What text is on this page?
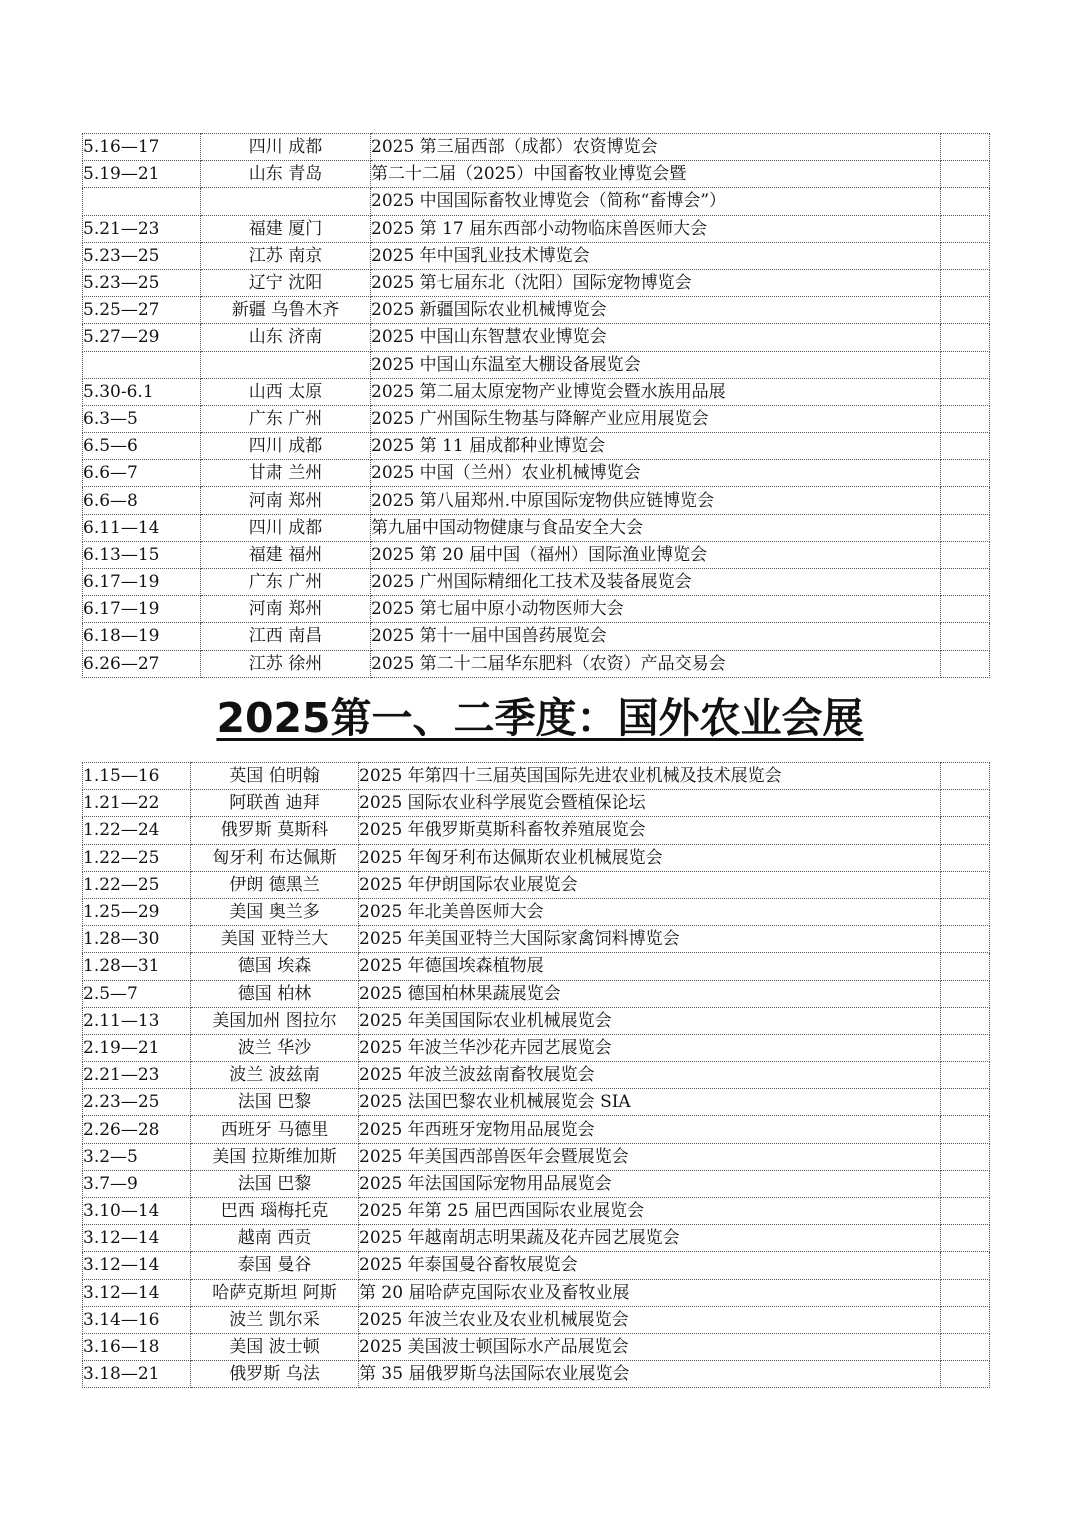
5.16—17	四川 成都	2025 第三届西部（成都）农资博览会	
5.19—21	山东 青岛	第二十二届（2025）中国畜牧业博览会暨	
		2025 中国国际畜牧业博览会（简称“畜博会”）	
5.21—23	福建 厦门	2025 第 17 届东西部小动物临床兽医师大会	
5.23—25	江苏 南京	2025 年中国乳业技术博览会	
5.23—25	辽宁 沈阳	2025 第七届东北（沈阳）国际宠物博览会	
5.25—27	新疆 乌鲁木齐	2025 新疆国际农业机械博览会	
5.27—29	山东 济南	2025 中国山东智慧农业博览会	
		2025 中国山东温室大棚设备展览会	
5.30-6.1	山西 太原	2025 第二届太原宠物产业博览会暨水族用品展	
6.3—5	广东 广州	2025 广州国际生物基与降解产业应用展览会	
6.5—6	四川 成都	2025 第 11 届成都种业博览会	
6.6—7	甘肃 兰州	2025 中国（兰州）农业机械博览会	
6.6—8	河南 郑州	2025 第八届郑州.中原国际宠物供应链博览会	
6.11—14	四川 成都	第九届中国动物健康与食品安全大会	
6.13—15	福建 福州	2025 第 20 届中国（福州）国际渔业博览会	
6.17—19	广东 广州	2025 广州国际精细化工技术及装备展览会	
6.17—19	河南 郑州	2025 第七届中原小动物医师大会	
6.18—19	江西 南昌	2025 第十一届中国兽药展览会	
6.26—27	江苏 徐州	2025 第二十二届华东肥料（农资）产品交易会	
2025第一、二季度：国外农业会展
1.15—16	英国 伯明翰	2025 年第四十三届英国国际先进农业机械及技术展览会	
1.21—22	阿联酋 迪拜	2025 国际农业科学展览会暨植保论坛	
1.22—24	俄罗斯 莫斯科	2025 年俄罗斯莫斯科畜牧养殖展览会	
1.22—25	匈牙利 布达佩斯	2025 年匈牙利布达佩斯农业机械展览会	
1.22—25	伊朗 德黑兰	2025 年伊朗国际农业展览会	
1.25—29	美国 奥兰多	2025 年北美兽医师大会	
1.28—30	美国 亚特兰大	2025 年美国亚特兰大国际家禽饲料博览会	
1.28—31	德国 埃森	2025 年德国埃森植物展	
2.5—7	德国 柏林	2025 德国柏林果蔬展览会	
2.11—13	美国加州 图拉尔	2025 年美国国际农业机械展览会	
2.19—21	波兰 华沙	2025 年波兰华沙花卉园艺展览会	
2.21—23	波兰 波兹南	2025 年波兰波兹南畜牧展览会	
2.23—25	法国 巴黎	2025 法国巴黎农业机械展览会 SIA	
2.26—28	西班牙 马德里	2025 年西班牙宠物用品展览会	
3.2—5	美国 拉斯维加斯	2025 年美国西部兽医年会暨展览会	
3.7—9	法国 巴黎	2025 年法国国际宠物用品展览会	
3.10—14	巴西 瑙梅托克	2025 年第 25 届巴西国际农业展览会	
3.12—14	越南 西贡	2025 年越南胡志明果蔬及花卉园艺展览会	
3.12—14	泰国 曼谷	2025 年泰国曼谷畜牧展览会	
3.12—14	哈萨克斯坦 阿斯	第 20 届哈萨克国际农业及畜牧业展	
3.14—16	波兰 凯尔采	2025 年波兰农业及农业机械展览会	
3.16—18	美国 波士顿	2025 美国波士顿国际水产品展览会	
3.18—21	俄罗斯 乌法	第 35 届俄罗斯乌法国际农业展览会	
